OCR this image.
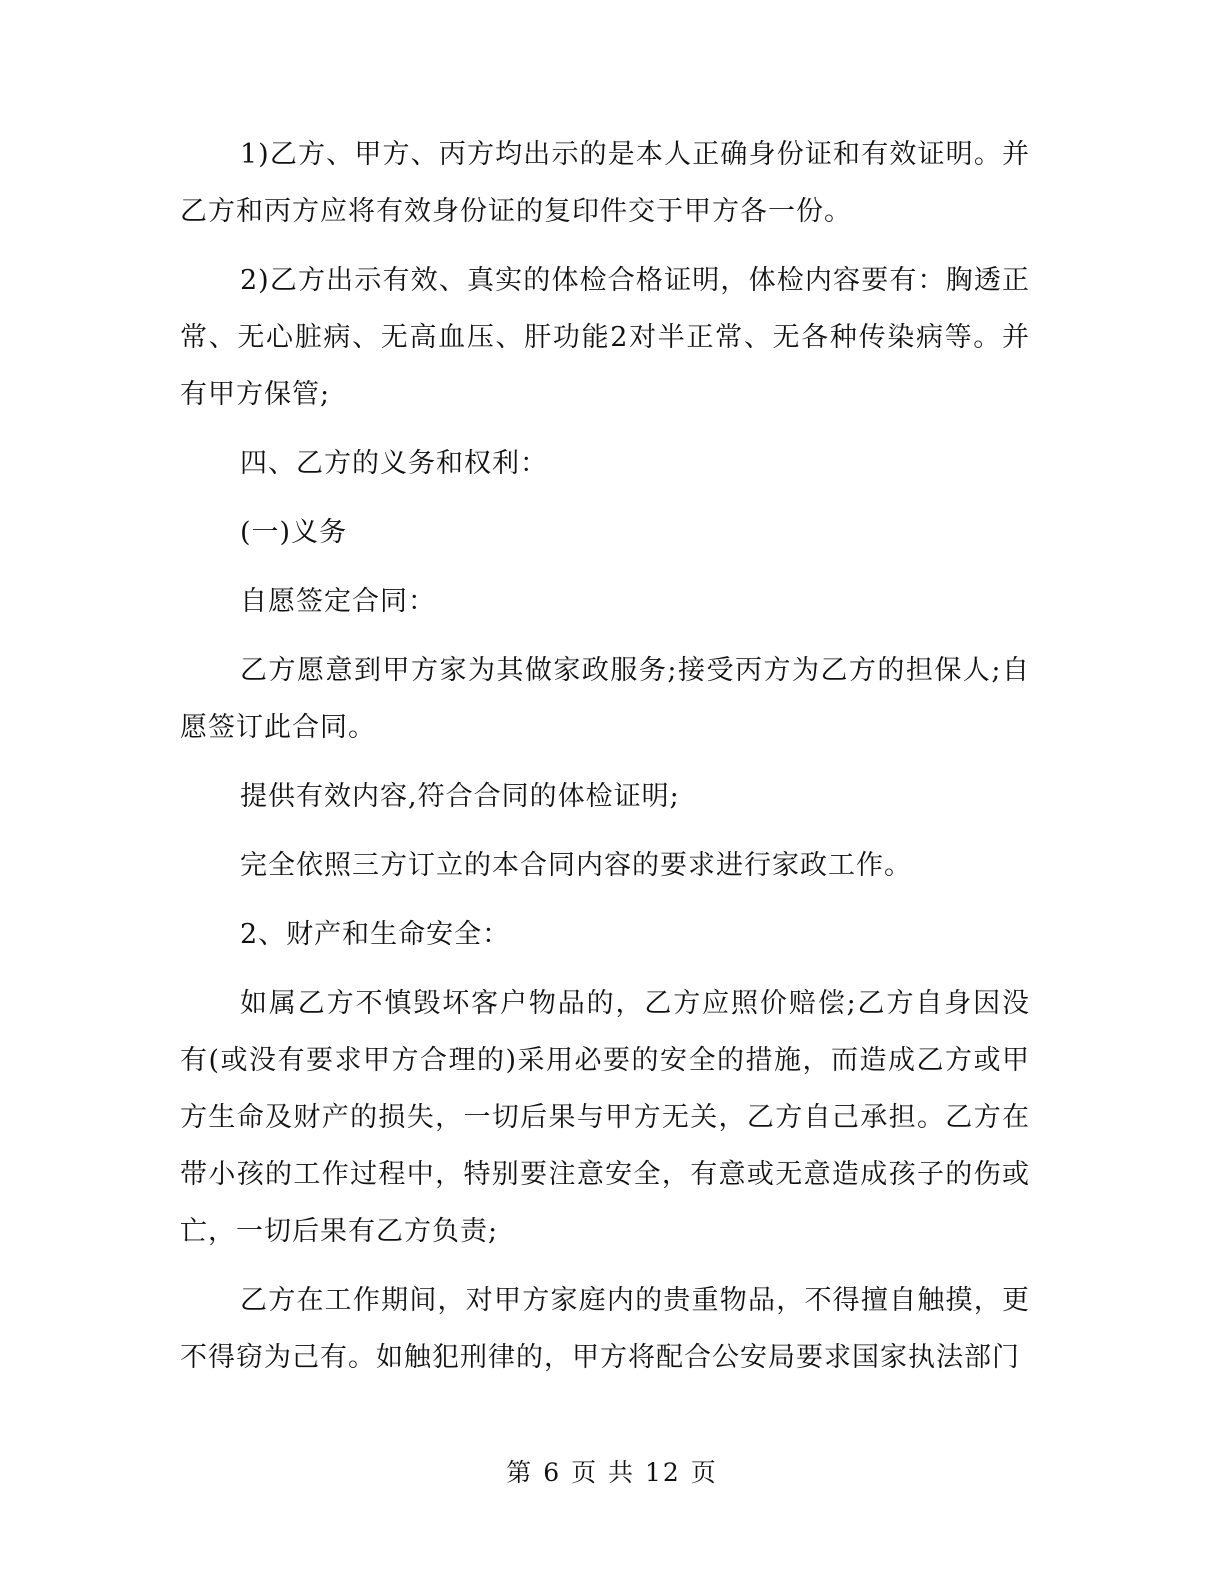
1)乙方、甲方、丙方均出示的是本人正确身份证和有效证明。并乙方和丙方应将有效身份证的复印件交于甲方各一份。

2)乙方出示有效、真实的体检合格证明，体检内容要有：胸透正常、无心脏病、无高血压、肝功能2对半正常、无各种传染病等。并有甲方保管;

四、乙方的义务和权利：

(一)义务

自愿签定合同：

乙方愿意到甲方家为其做家政服务;接受丙方为乙方的担保人;自愿签订此合同。

提供有效内容,符合合同的体检证明;

完全依照三方订立的本合同内容的要求进行家政工作。

2、财产和生命安全：

如属乙方不慎毁坏客户物品的，乙方应照价赔偿;乙方自身因没有(或没有要求甲方合理的)采用必要的安全的措施，而造成乙方或甲方生命及财产的损失，一切后果与甲方无关，乙方自己承担。乙方在带小孩的工作过程中，特别要注意安全，有意或无意造成孩子的伤或亡，一切后果有乙方负责;

乙方在工作期间，对甲方家庭内的贵重物品，不得擅自触摸，更不得窃为己有。如触犯刑律的，甲方将配合公安局要求国家执法部门

第 6 页 共 12 页
